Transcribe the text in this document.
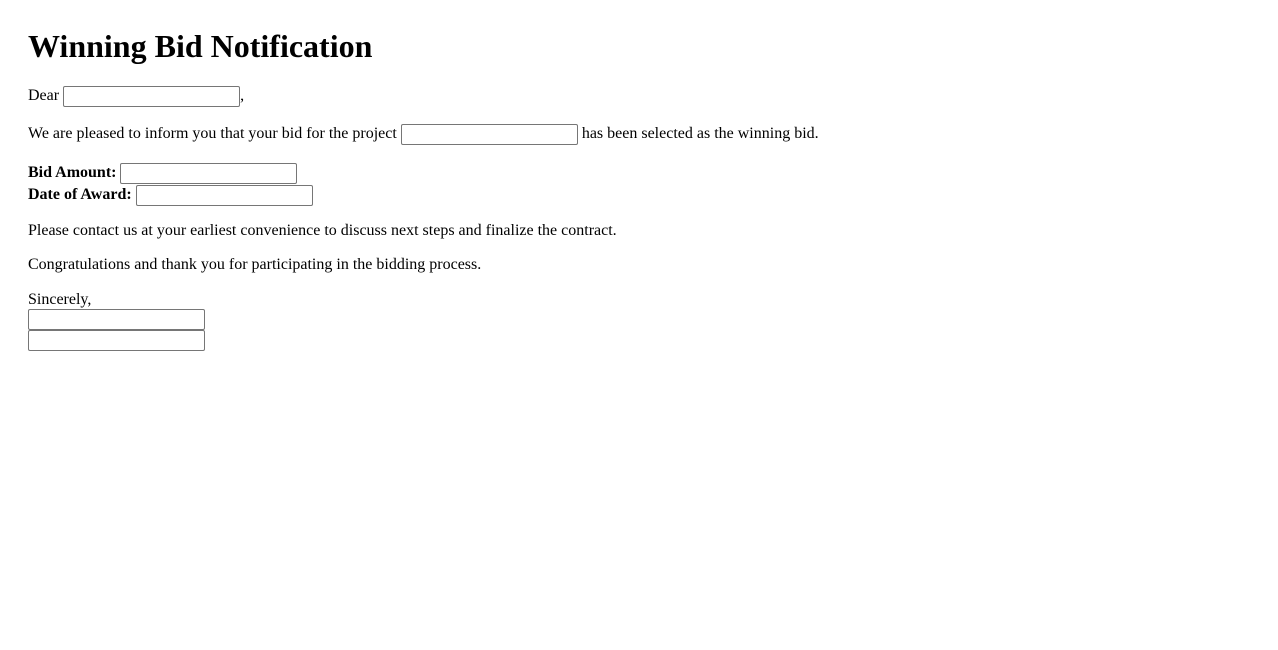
Winning Bid Notification

Dear	,

We are pleased to inform you that your bid for the project	has been selected as the winning bid.

Bid Amount:
Date of Award:

Please contact us at your earliest convenience to discuss next steps and finalize the contract.

Congratulations and thank you for participating in the bidding process.

Sincerely,
